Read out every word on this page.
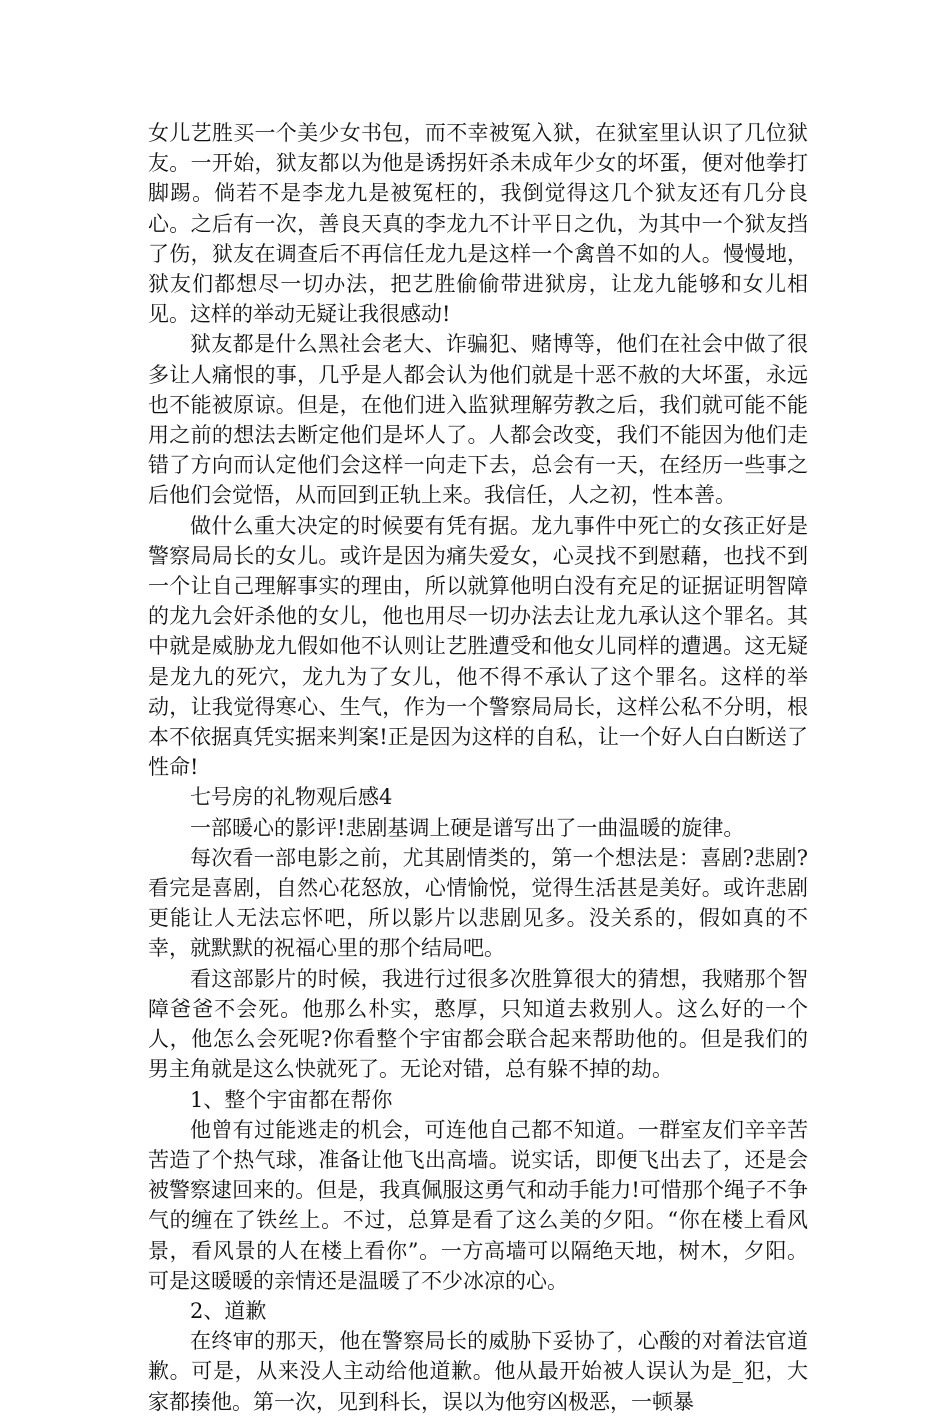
女儿艺胜买一个美少女书包，而不幸被冤入狱，在狱室里认识了几位狱友。一开始，狱友都以为他是诱拐奸杀未成年少女的坏蛋，便对他拳打脚踢。倘若不是李龙九是被冤枉的，我倒觉得这几个狱友还有几分良心。之后有一次，善良天真的李龙九不计平日之仇，为其中一个狱友挡了伤，狱友在调查后不再信任龙九是这样一个禽兽不如的人。慢慢地，狱友们都想尽一切办法，把艺胜偷偷带进狱房，让龙九能够和女儿相见。这样的举动无疑让我很感动!

狱友都是什么黑社会老大、诈骗犯、赌博等，他们在社会中做了很多让人痛恨的事，几乎是人都会认为他们就是十恶不赦的大坏蛋，永远也不能被原谅。但是，在他们进入监狱理解劳教之后，我们就可能不能用之前的想法去断定他们是坏人了。人都会改变，我们不能因为他们走错了方向而认定他们会这样一向走下去，总会有一天，在经历一些事之后他们会觉悟，从而回到正轨上来。我信任，人之初，性本善。

做什么重大决定的时候要有凭有据。龙九事件中死亡的女孩正好是警察局局长的女儿。或许是因为痛失爱女，心灵找不到慰藉，也找不到一个让自己理解事实的理由，所以就算他明白没有充足的证据证明智障的龙九会奸杀他的女儿，他也用尽一切办法去让龙九承认这个罪名。其中就是威胁龙九假如他不认则让艺胜遭受和他女儿同样的遭遇。这无疑是龙九的死穴，龙九为了女儿，他不得不承认了这个罪名。这样的举动，让我觉得寒心、生气，作为一个警察局局长，这样公私不分明，根本不依据真凭实据来判案!正是因为这样的自私，让一个好人白白断送了性命!

七号房的礼物观后感4

一部暖心的影评!悲剧基调上硬是谱写出了一曲温暖的旋律。

每次看一部电影之前，尤其剧情类的，第一个想法是：喜剧?悲剧?看完是喜剧，自然心花怒放，心情愉悦，觉得生活甚是美好。或许悲剧更能让人无法忘怀吧，所以影片以悲剧见多。没关系的，假如真的不幸，就默默的祝福心里的那个结局吧。

看这部影片的时候，我进行过很多次胜算很大的猜想，我赌那个智障爸爸不会死。他那么朴实，憨厚，只知道去救别人。这么好的一个人，他怎么会死呢?你看整个宇宙都会联合起来帮助他的。但是我们的男主角就是这么快就死了。无论对错，总有躲不掉的劫。

1、整个宇宙都在帮你

他曾有过能逃走的机会，可连他自己都不知道。一群室友们辛辛苦苦造了个热气球，准备让他飞出高墙。说实话，即便飞出去了，还是会被警察逮回来的。但是，我真佩服这勇气和动手能力!可惜那个绳子不争气的缠在了铁丝上。不过，总算是看了这么美的夕阳。“你在楼上看风景，看风景的人在楼上看你”。一方高墙可以隔绝天地，树木，夕阳。可是这暖暖的亲情还是温暖了不少冰凉的心。

2、道歉

在终审的那天，他在警察局长的威胁下妥协了，心酸的对着法官道歉。可是，从来没人主动给他道歉。他从最开始被人误认为是_犯，大家都揍他。第一次，见到科长，误以为他穷凶极恶，一顿暴
